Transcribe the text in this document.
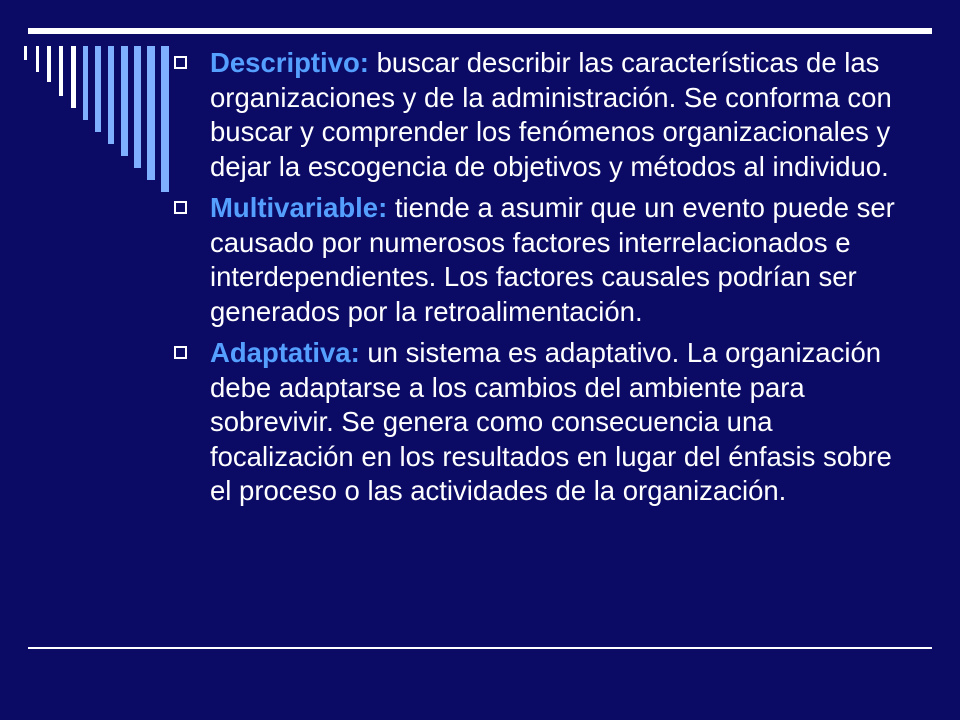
Descriptivo: buscar describir las características de las organizaciones y de la administración. Se conforma con buscar y comprender los fenómenos organizacionales y dejar la escogencia de objetivos y métodos al individuo.
Multivariable: tiende a asumir que un evento puede ser causado por numerosos factores interrelacionados e interdependientes. Los factores causales podrían ser generados por la retroalimentación.
Adaptativa: un sistema es adaptativo. La organización debe adaptarse a los cambios del ambiente para sobrevivir. Se genera como consecuencia una focalización en los resultados en lugar del énfasis sobre el proceso o las actividades de la organización.
